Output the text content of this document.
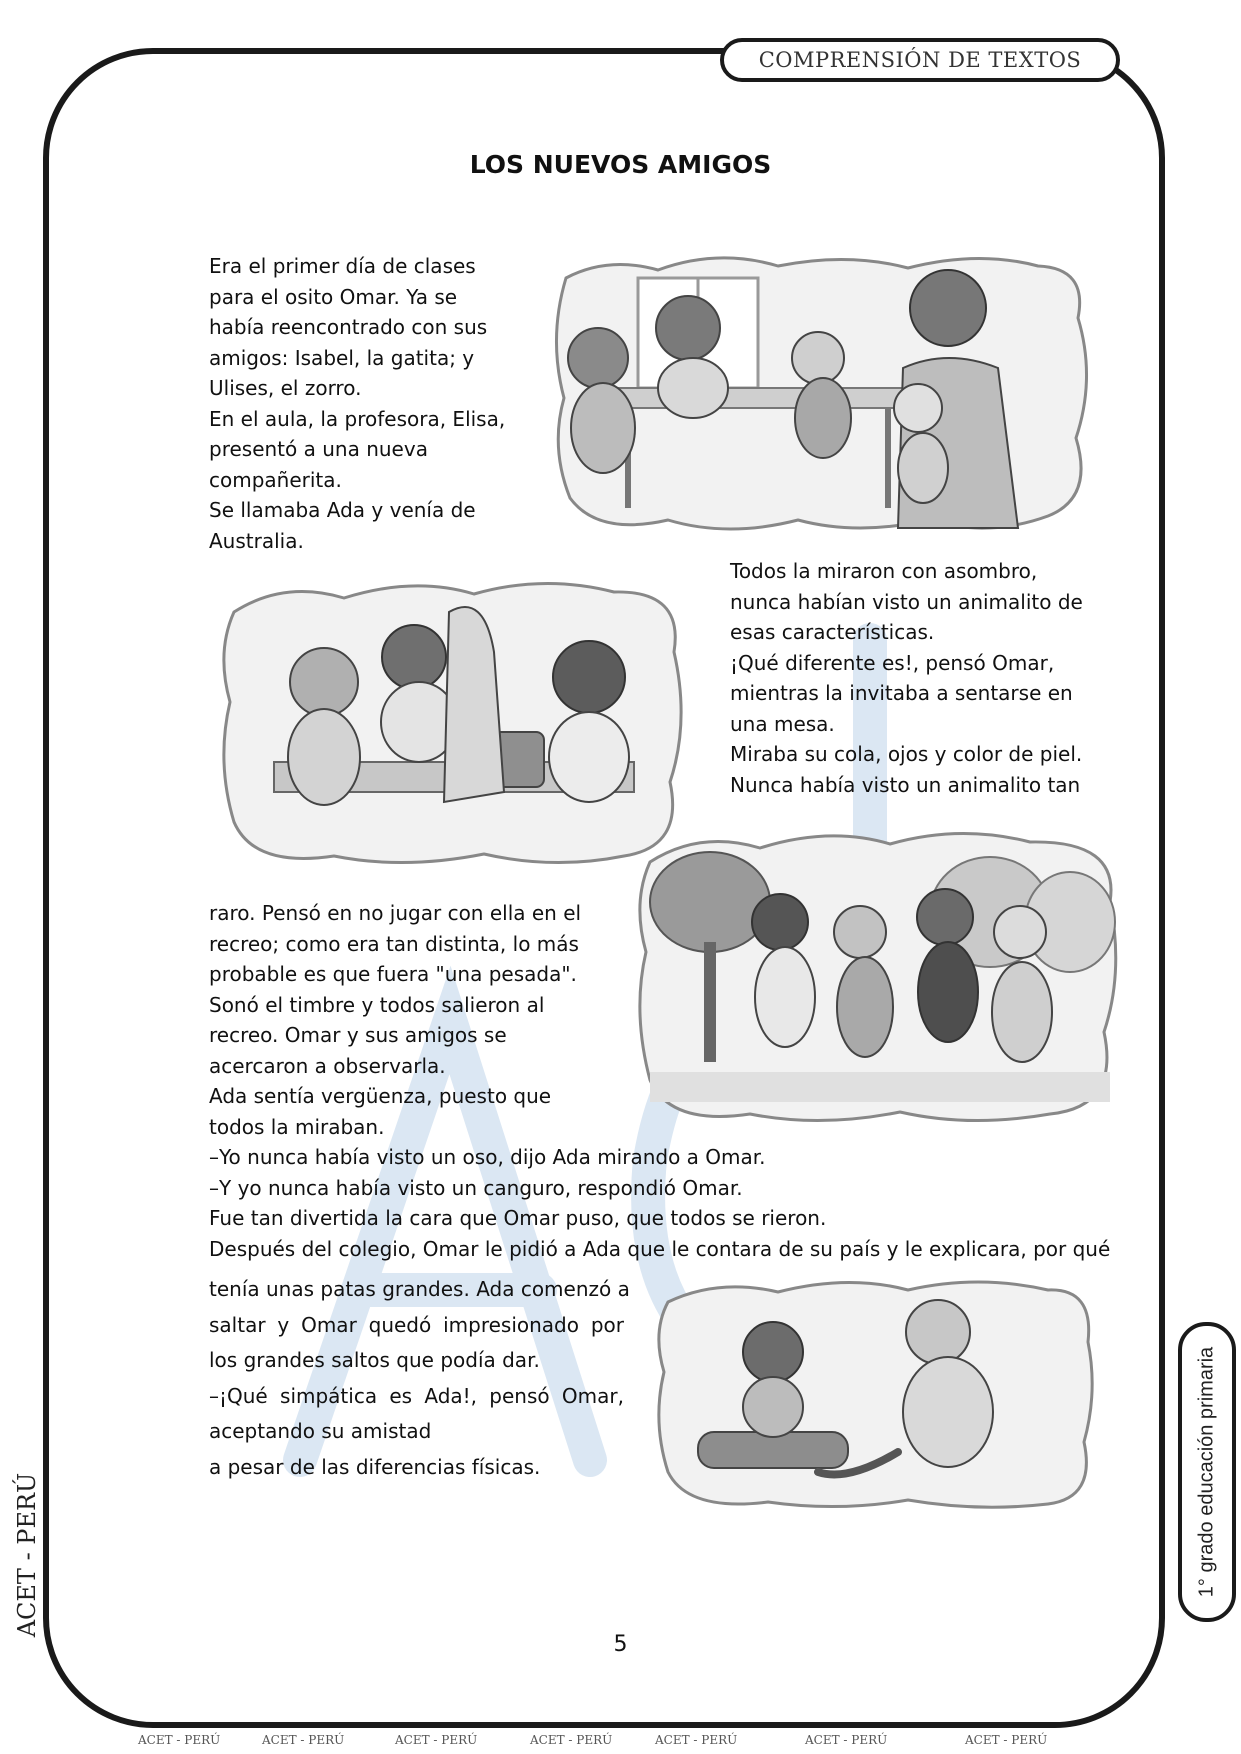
COMPRENSIÓN DE TEXTOS
1° grado educación primaria
ACET - PERÚ
LOS NUEVOS AMIGOS
Era el primer día de clases
para el osito Omar. Ya se
había reencontrado con sus
amigos: Isabel, la gatita; y
Ulises, el zorro.
En el aula, la profesora, Elisa,
presentó a una nueva
compañerita.
Se llamaba Ada y venía de
Australia.
Todos la miraron con asombro,
nunca habían visto un animalito de
esas características.
¡Qué diferente es!, pensó Omar,
mientras la invitaba a sentarse en
una mesa.
Miraba su cola, ojos y color de piel.
Nunca había visto un animalito tan
raro. Pensó en no jugar con ella en el
recreo; como era tan distinta, lo más
probable es que fuera "una pesada".
Sonó el timbre y todos salieron al
recreo. Omar y sus amigos se
acercaron a observarla.
Ada sentía vergüenza, puesto que
todos la miraban.
–Yo nunca había visto un oso, dijo Ada mirando a Omar.
–Y yo nunca había visto un canguro, respondió Omar.
Fue tan divertida la cara que Omar puso, que todos se rieron.
Después del colegio, Omar le pidió a Ada que le contara de su país y le explicara, por qué
tenía unas patas grandes. Ada comenzó a
saltar y Omar quedó impresionado por
los grandes saltos que podía dar.
–¡Qué simpática es Ada!, pensó Omar,
aceptando su amistad
a pesar de las diferencias físicas.
5
ACET - PERÚ	ACET - PERÚ	ACET - PERÚ	ACET - PERÚ	ACET - PERÚ	ACET - PERÚ	ACET - PERÚ
